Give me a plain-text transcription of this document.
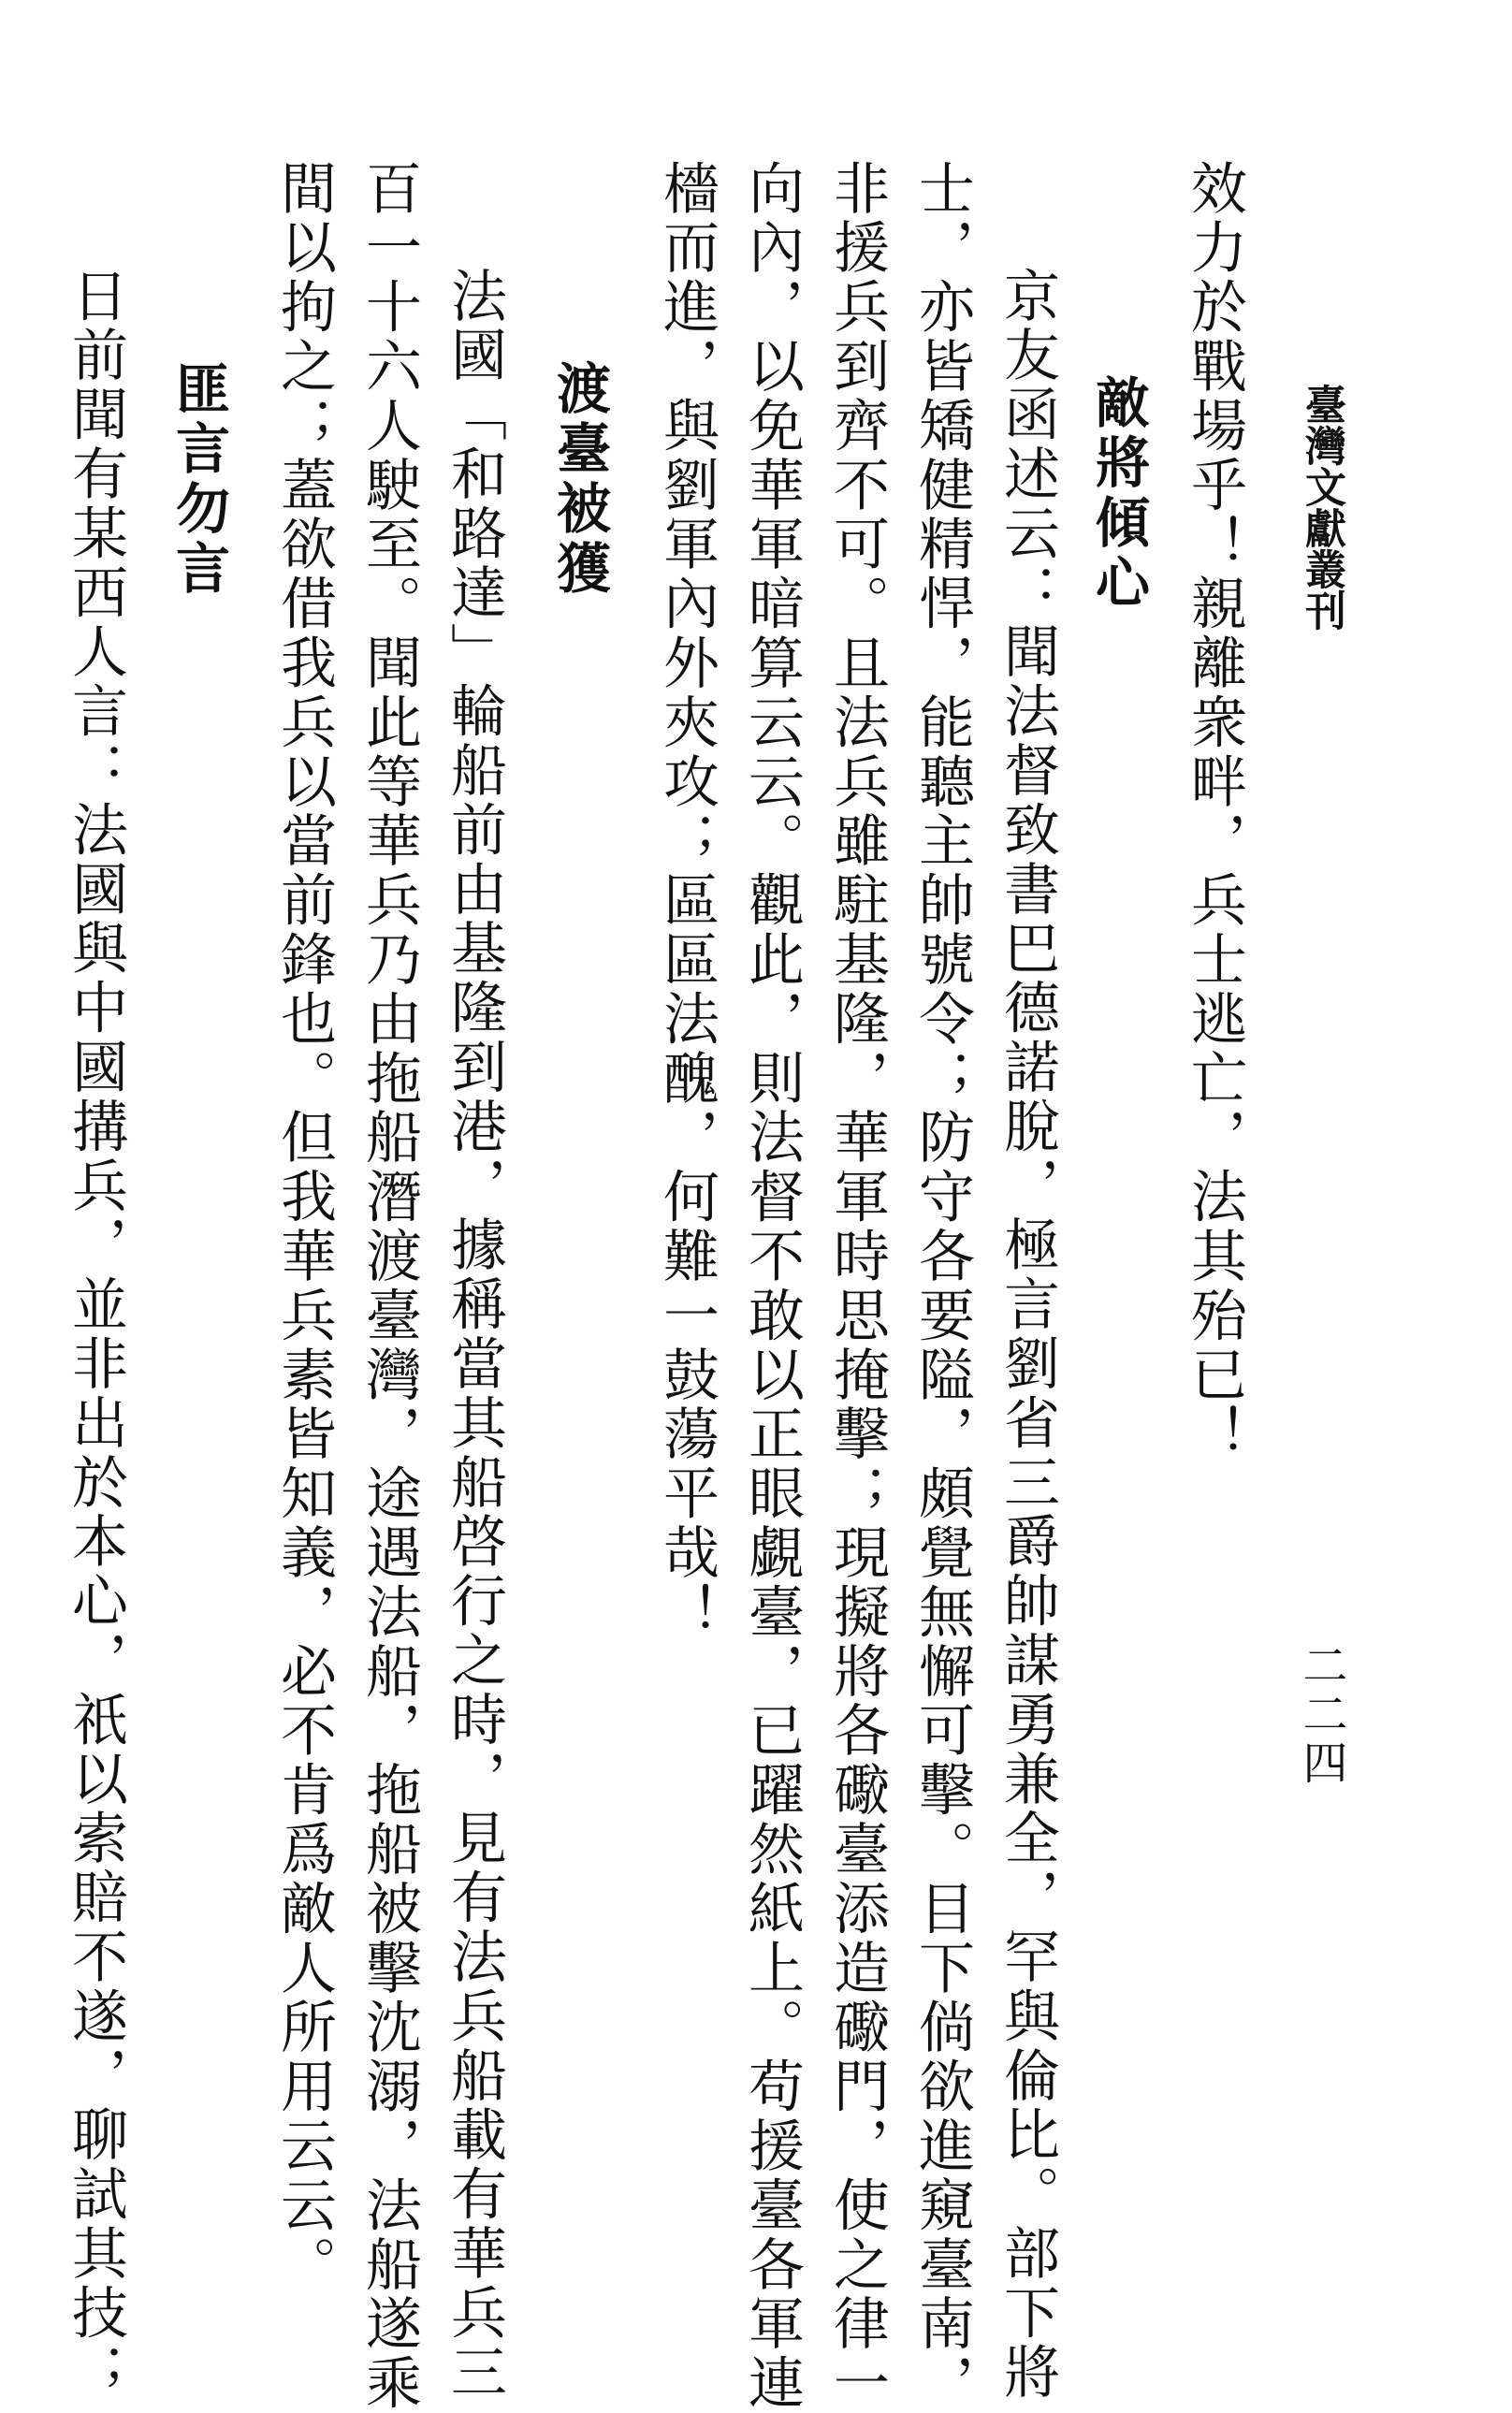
臺灣文獻叢刊
二二四
效力於戰場乎！親離衆畔，兵士逃亡，法其殆已！
敵將傾心
京友函述云：聞法督致書巴德諾脫，極言劉省三爵帥謀勇兼全，罕與倫比。部下將
士，亦皆矯健精悍，能聽主帥號令；防守各要隘，頗覺無懈可擊。目下倘欲進窺臺南，
非援兵到齊不可。且法兵雖駐基隆，華軍時思掩擊；現擬將各礮臺添造礮門，使之律一
向內，以免華軍暗算云云。觀此，則法督不敢以正眼覷臺，已躍然紙上。苟援臺各軍連
檣而進，與劉軍內外夾攻；區區法醜，何難一鼓蕩平哉！
渡臺被獲
法國「和路達」輪船前由基隆到港，據稱當其船啓行之時，見有法兵船載有華兵三
百一十六人駛至。聞此等華兵乃由拖船潛渡臺灣，途遇法船，拖船被擊沈溺，法船遂乘
間以拘之；蓋欲借我兵以當前鋒也。但我華兵素皆知義，必不肯爲敵人所用云云。
匪言勿言
日前聞有某西人言：法國與中國搆兵，並非出於本心，祇以索賠不遂，聊試其技；
